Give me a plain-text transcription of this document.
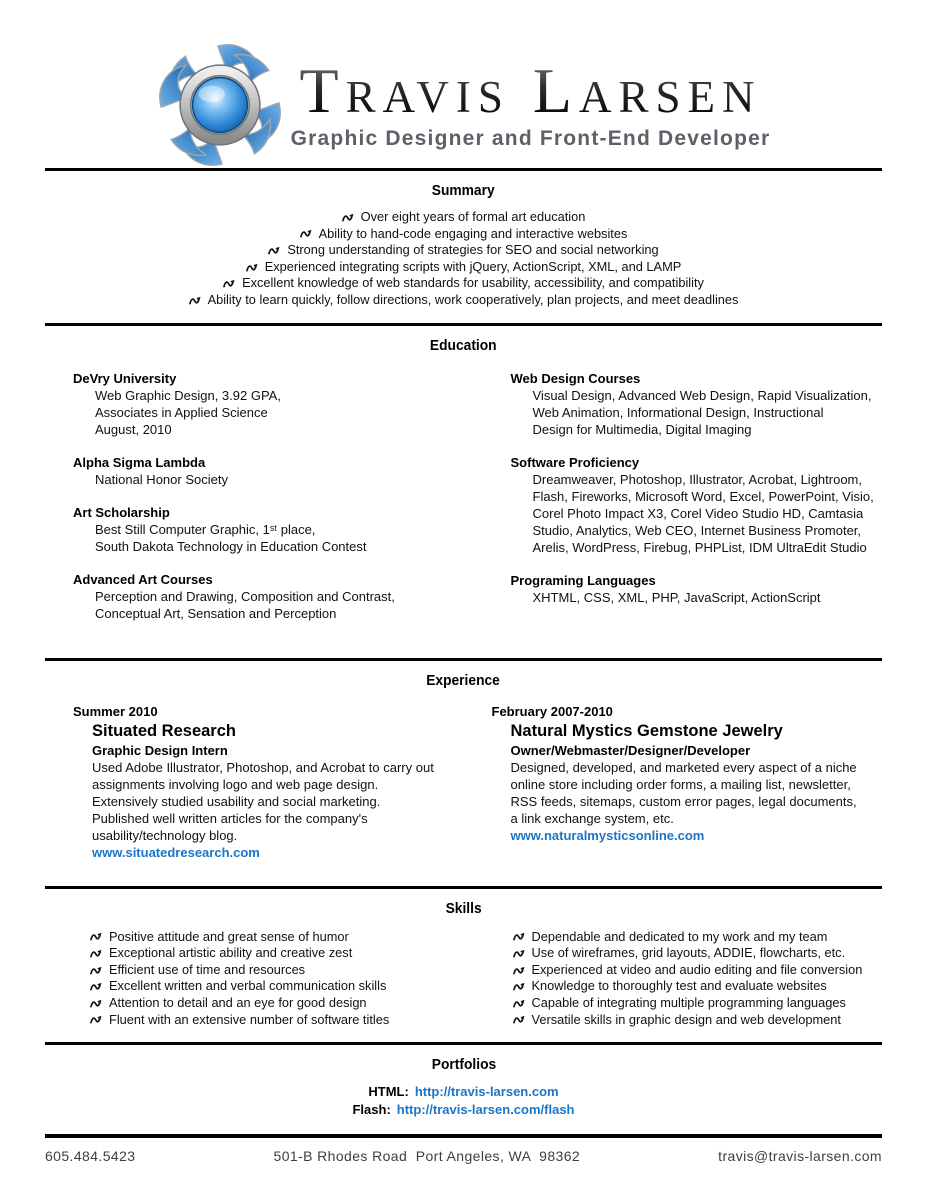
Travis Larsen
Graphic Designer and Front-End Developer
Summary
Over eight years of formal art education
Ability to hand-code engaging and interactive websites
Strong understanding of strategies for SEO and social networking
Experienced integrating scripts with jQuery, ActionScript, XML, and LAMP
Excellent knowledge of web standards for usability, accessibility, and compatibility
Ability to learn quickly, follow directions, work cooperatively, plan projects, and meet deadlines
Education
DeVry University
Web Graphic Design, 3.92 GPA,
Associates in Applied Science
August, 2010
Alpha Sigma Lambda
National Honor Society
Art Scholarship
Best Still Computer Graphic, 1ˢᵗ place,
South Dakota Technology in Education Contest
Advanced Art Courses
Perception and Drawing, Composition and Contrast,
Conceptual Art, Sensation and Perception
Web Design Courses
Visual Design, Advanced Web Design, Rapid Visualization,
Web Animation, Informational Design, Instructional
Design for Multimedia, Digital Imaging
Software Proficiency
Dreamweaver, Photoshop, Illustrator, Acrobat, Lightroom,
Flash, Fireworks, Microsoft Word, Excel, PowerPoint, Visio,
Corel Photo Impact X3, Corel Video Studio HD, Camtasia
Studio, Analytics, Web CEO, Internet Business Promoter,
Arelis, WordPress, Firebug, PHPList, IDM UltraEdit Studio
Programing Languages
XHTML, CSS, XML, PHP, JavaScript, ActionScript
Experience
Summer 2010
Situated Research
Graphic Design Intern
Used Adobe Illustrator, Photoshop, and Acrobat to carry out assignments involving logo and web page design. Extensively studied usability and social marketing. Published well written articles for the company's usability/technology blog.
www.situatedresearch.com
February 2007-2010
Natural Mystics Gemstone Jewelry
Owner/Webmaster/Designer/Developer
Designed, developed, and marketed every aspect of a niche online store including order forms, a mailing list, newsletter, RSS feeds, sitemaps, custom error pages, legal documents, a link exchange system, etc.
www.naturalmysticsonline.com
Skills
Positive attitude and great sense of humor
Exceptional artistic ability and creative zest
Efficient use of time and resources
Excellent written and verbal communication skills
Attention to detail and an eye for good design
Fluent with an extensive number of software titles
Dependable and dedicated to my work and my team
Use of wireframes, grid layouts, ADDIE, flowcharts, etc.
Experienced at video and audio editing and file conversion
Knowledge to thoroughly test and evaluate websites
Capable of integrating multiple programming languages
Versatile skills in graphic design and web development
Portfolios
HTML: http://travis-larsen.com
Flash: http://travis-larsen.com/flash
605.484.5423	501-B Rhodes Road  Port Angeles, WA  98362	travis@travis-larsen.com
